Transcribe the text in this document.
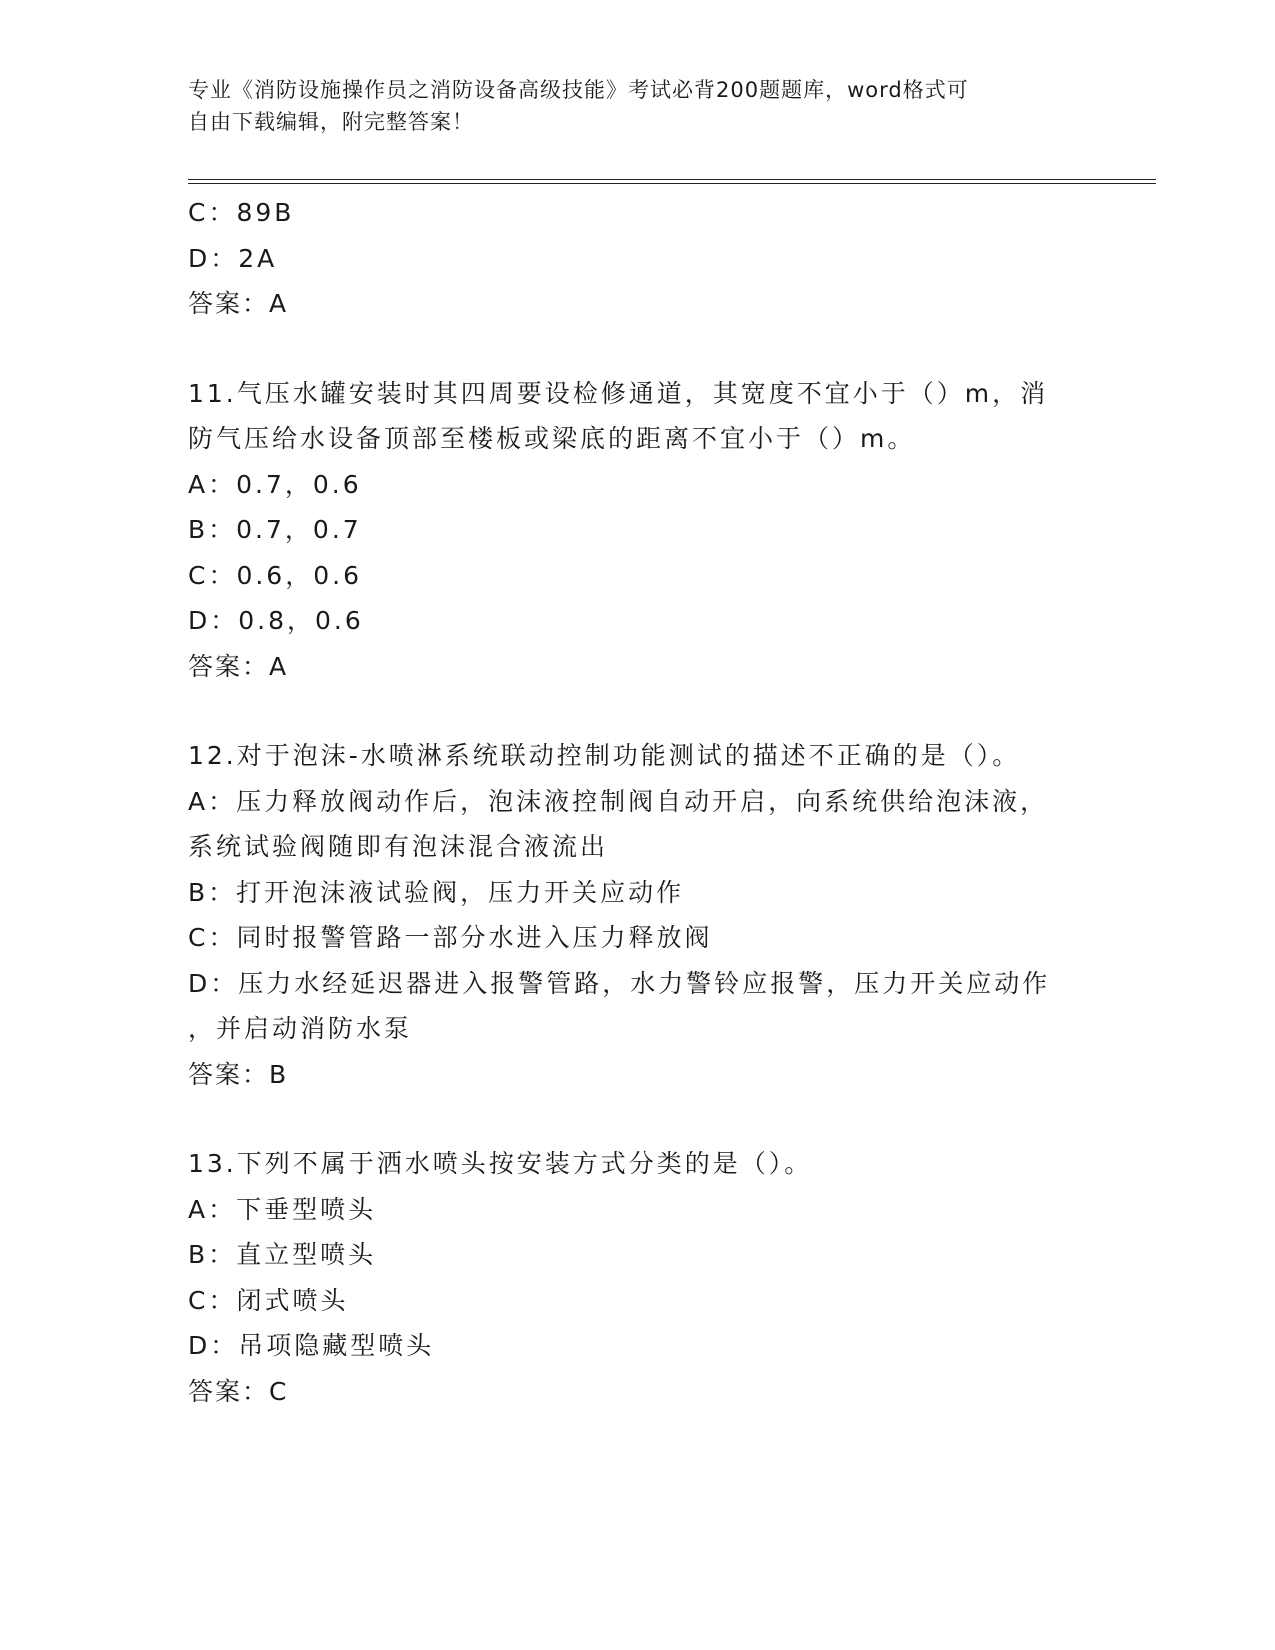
专业《消防设施操作员之消防设备高级技能》考试必背200题题库，word格式可
自由下载编辑，附完整答案！
C：89B
D：2A
答案：A
11.气压水罐安装时其四周要设检修通道，其宽度不宜小于（）m，消
防气压给水设备顶部至楼板或梁底的距离不宜小于（）m。
A：0.7，0.6
B：0.7，0.7
C：0.6，0.6
D：0.8，0.6
答案：A
12.对于泡沫-水喷淋系统联动控制功能测试的描述不正确的是（）。
A：压力释放阀动作后，泡沫液控制阀自动开启，向系统供给泡沫液，
系统试验阀随即有泡沫混合液流出
B：打开泡沫液试验阀，压力开关应动作
C：同时报警管路一部分水进入压力释放阀
D：压力水经延迟器进入报警管路，水力警铃应报警，压力开关应动作
，并启动消防水泵
答案：B
13.下列不属于洒水喷头按安装方式分类的是（）。
A：下垂型喷头
B：直立型喷头
C：闭式喷头
D：吊项隐藏型喷头
答案：C
